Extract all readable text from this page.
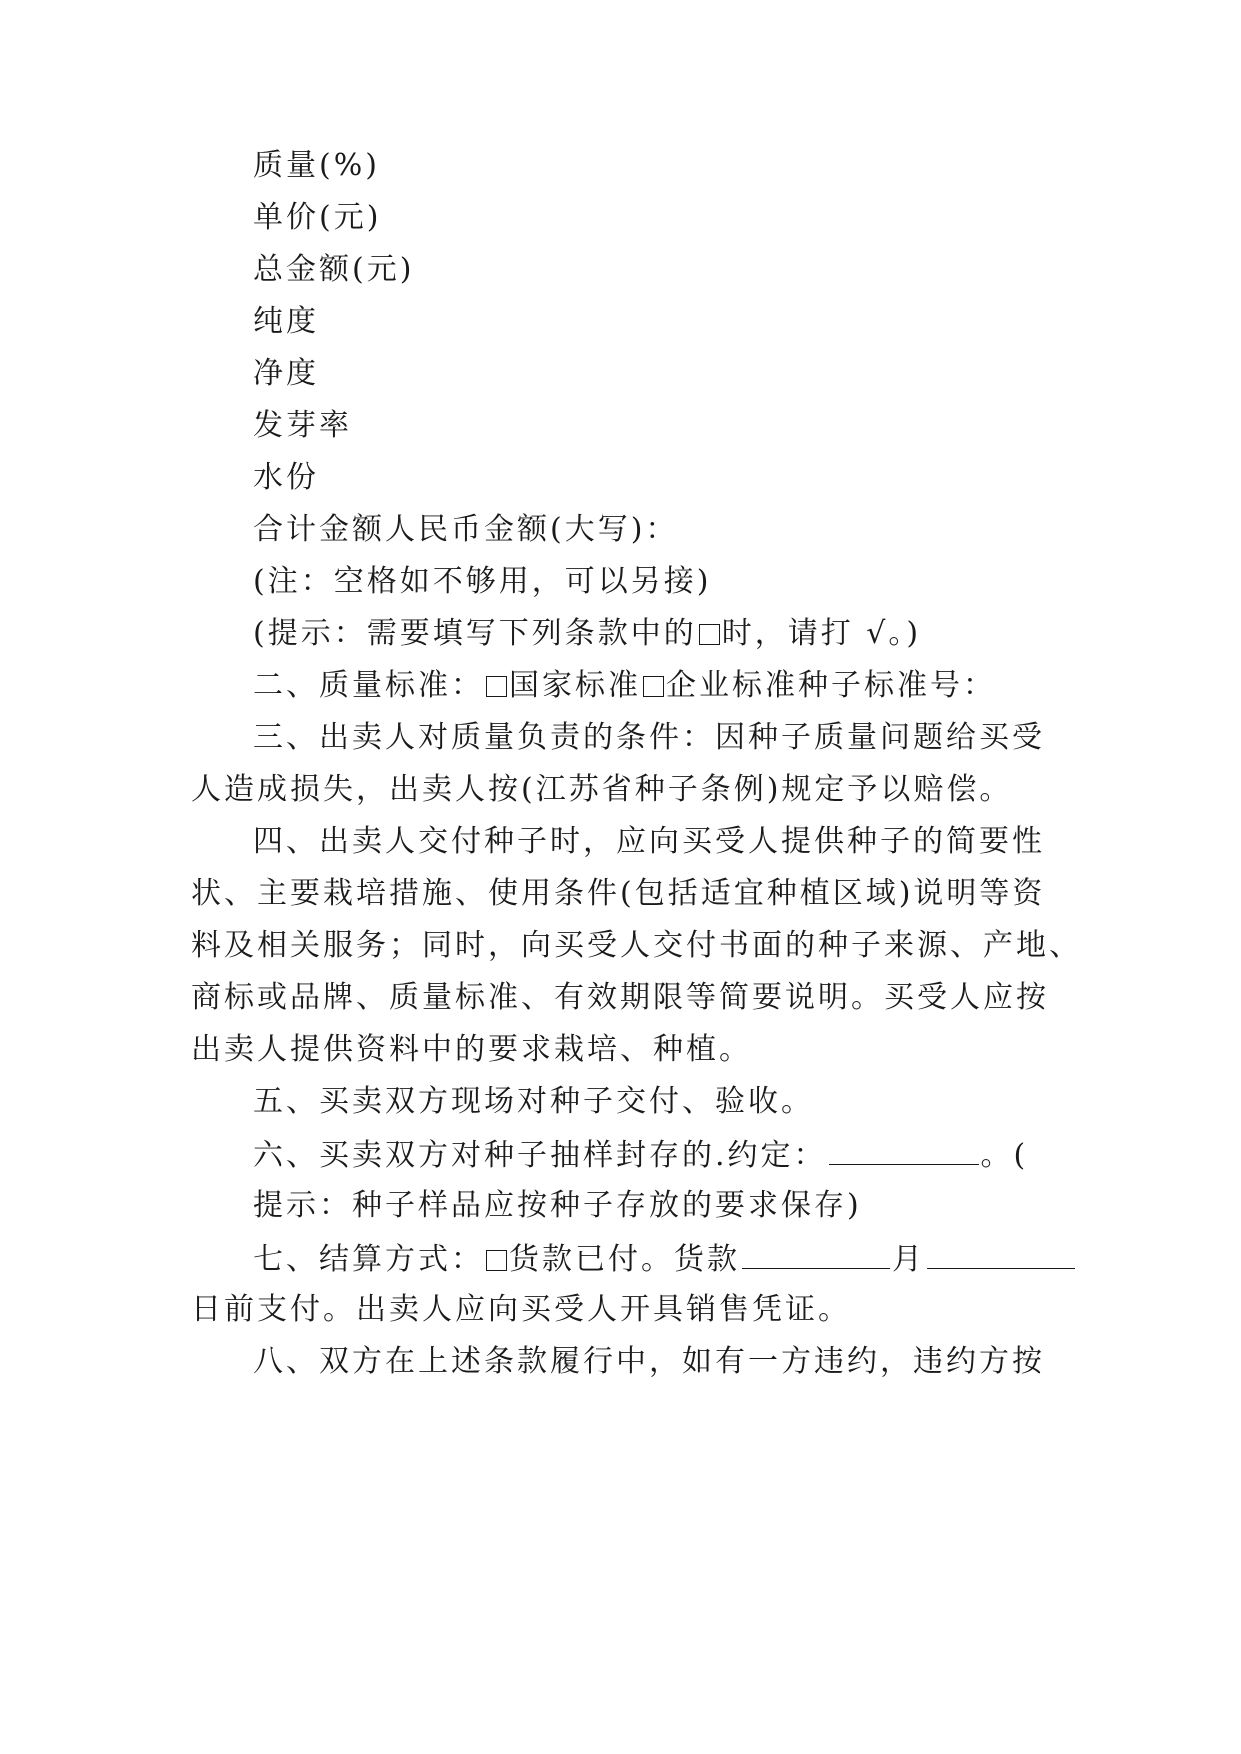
质量(%)
单价(元)
总金额(元)
纯度
净度
发芽率
水份
合计金额人民币金额(大写)：
(注：空格如不够用，可以另接)
(提示：需要填写下列条款中的 时，请打 √。)
二、质量标准： 国家标准 企业标准种子标准号：
三、出卖人对质量负责的条件：因种子质量问题给买受
人造成损失，出卖人按(江苏省种子条例)规定予以赔偿。
四、出卖人交付种子时，应向买受人提供种子的简要性
状、主要栽培措施、使用条件(包括适宜种植区域)说明等资
料及相关服务；同时，向买受人交付书面的种子来源、产地、
商标或品牌、质量标准、有效期限等简要说明。买受人应按
出卖人提供资料中的要求栽培、种植。
五、买卖双方现场对种子交付、验收。
六、买卖双方对种子抽样封存的.约定：	。(
提示：种子样品应按种子存放的要求保存)
七、结算方式： 货款已付。货款	月
日前支付。出卖人应向买受人开具销售凭证。
八、双方在上述条款履行中，如有一方违约，违约方按
